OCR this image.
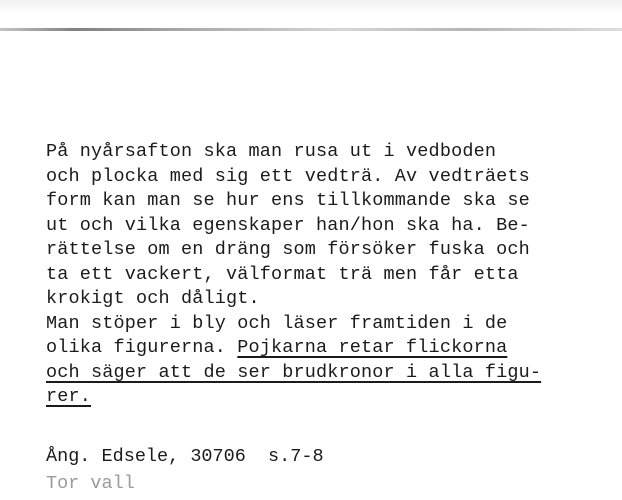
På nyårsafton ska man rusa ut i vedboden
och plocka med sig ett vedträ. Av vedträets
form kan man se hur ens tillkommande ska se
ut och vilka egenskaper han/hon ska ha. Be-
rättelse om en dräng som försöker fuska och
ta ett vackert, välformat trä men får etta
krokigt och dåligt.
Man stöper i bly och läser framtiden i de
olika figurerna. Pojkarna retar flickorna
och säger att de ser brudkronor i alla figu-
rer.
Ång. Edsele, 30706  s.7-8
Tor vall
